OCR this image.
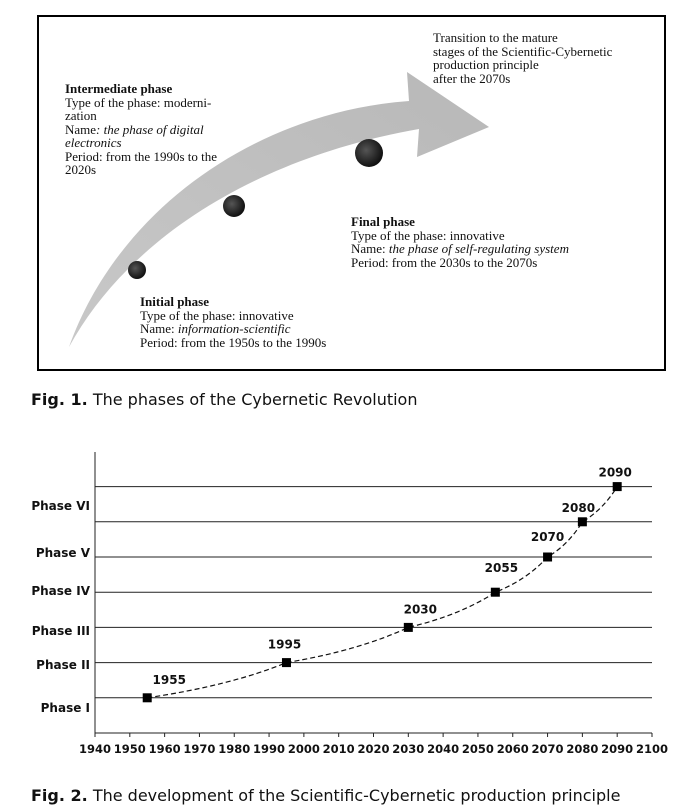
Transition to the mature
stages of the Scientific-Cybernetic
production principle
after the 2070s
Intermediate phase
Type of the phase: moderni-
zation
Name: the phase of digital
electronics
Period: from the 1990s to the
2020s
Final phase
Type of the phase: innovative
Name: the phase of self-regulating system
Period: from the 2030s to the 2070s
Initial phase
Type of the phase: innovative
Name: information-scientific
Period: from the 1950s to the 1990s
Fig. 1. The phases of the Cybernetic Revolution
1940 1950 1960 1970 1980 1990 2000 2010 2020 2030 2040 2050 2060 2070 2080 2090 2100
Phase I
Phase II
Phase III
Phase IV
Phase V
Phase VI
1955
1995
2030
2055
2070
2080
2090
Fig. 2. The development of the Scientific-Cybernetic production principle
